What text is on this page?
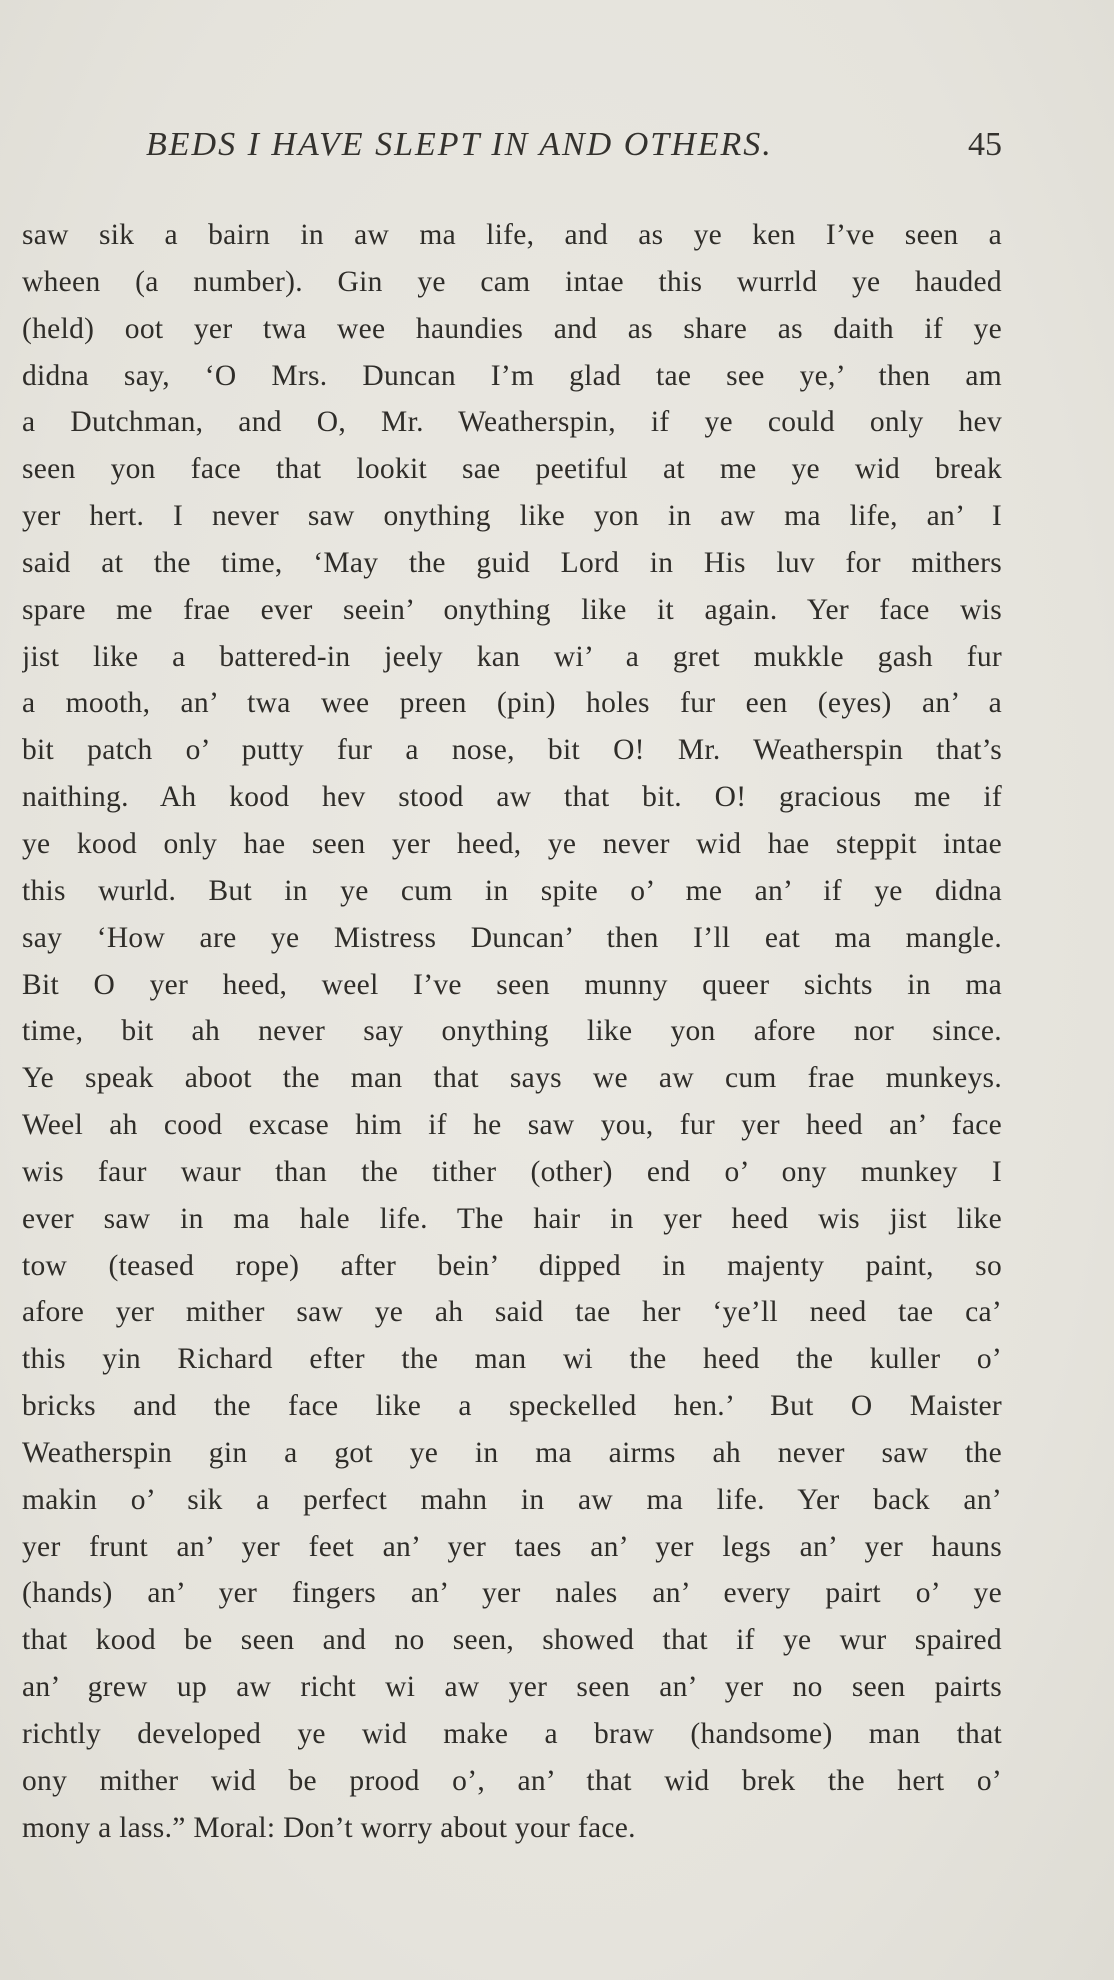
BEDS I HAVE SLEPT IN AND OTHERS.	45
saw sik a bairn in aw ma life, and as ye ken I’ve seen a
wheen (a number). Gin ye cam intae this wurrld ye hauded
(held) oot yer twa wee haundies and as share as daith if ye
didna say, ‘O Mrs. Duncan I’m glad tae see ye,’ then am
a Dutchman, and O, Mr. Weatherspin, if ye could only hev
seen yon face that lookit sae peetiful at me ye wid break
yer hert. I never saw onything like yon in aw ma life, an’ I
said at the time, ‘May the guid Lord in His luv for mithers
spare me frae ever seein’ onything like it again. Yer face wis
jist like a battered-in jeely kan wi’ a gret mukkle gash fur
a mooth, an’ twa wee preen (pin) holes fur een (eyes) an’ a
bit patch o’ putty fur a nose, bit O! Mr. Weatherspin that’s
naithing. Ah kood hev stood aw that bit. O! gracious me if
ye kood only hae seen yer heed, ye never wid hae steppit intae
this wurld. But in ye cum in spite o’ me an’ if ye didna
say ‘How are ye Mistress Duncan’ then I’ll eat ma mangle.
Bit O yer heed, weel I’ve seen munny queer sichts in ma
time, bit ah never say onything like yon afore nor since.
Ye speak aboot the man that says we aw cum frae munkeys.
Weel ah cood excase him if he saw you, fur yer heed an’ face
wis faur waur than the tither (other) end o’ ony munkey I
ever saw in ma hale life. The hair in yer heed wis jist like
tow (teased rope) after bein’ dipped in majenty paint, so
afore yer mither saw ye ah said tae her ‘ye’ll need tae ca’
this yin Richard efter the man wi the heed the kuller o’
bricks and the face like a speckelled hen.’ But O Maister
Weatherspin gin a got ye in ma airms ah never saw the
makin o’ sik a perfect mahn in aw ma life. Yer back an’
yer frunt an’ yer feet an’ yer taes an’ yer legs an’ yer hauns
(hands) an’ yer fingers an’ yer nales an’ every pairt o’ ye
that kood be seen and no seen, showed that if ye wur spaired
an’ grew up aw richt wi aw yer seen an’ yer no seen pairts
richtly developed ye wid make a braw (handsome) man that
ony mither wid be prood o’, an’ that wid brek the hert o’
mony a lass.” Moral: Don’t worry about your face.
